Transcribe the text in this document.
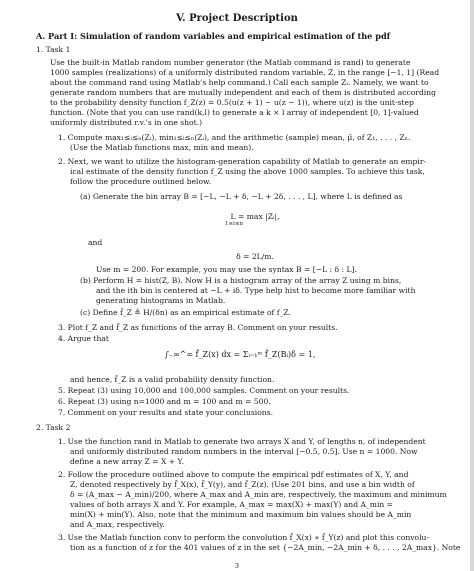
V. Project Description
A. Part I: Simulation of random variables and empirical estimation of the pdf
1. Task 1
Use the built-in Matlab random number generator (the Matlab command is rand) to generate
1000 samples (realizations) of a uniformly distributed random variable, Z, in the range [−1, 1] (Read
about the command rand using Matlab’s help command.) Call each sample Zᵢ. Namely, we want to
generate random numbers that are mutually independent and each of them is distributed according
to the probability density function f_Z(z) = 0.5(u(z + 1) − u(z − 1)), where u(z) is the unit-step
function. (Note that you can use rand(k,l) to generate a k × l array of independent [0, 1]-valued
uniformly distributed r.v.’s in one shot.)
1. Compute max₁≤ᵢ≤ₙ(Zᵢ), min₁≤ᵢ≤ₙ(Zᵢ), and the arithmetic (sample) mean, μ̂, of Z₁, . . . , Zₙ.
(Use the Matlab functions max, min and mean).
2. Next, we want to utilize the histogram-generation capability of Matlab to generate an empir-
ical estimate of the density function f_Z using the above 1000 samples. To achieve this task,
follow the procedure outlined below.
(a) Generate the bin array B = [−L, −L + δ, −L + 2δ, . . . , L], where L is defined as
L = max |Zᵢ|,
1≤i≤n
and
δ = 2L/m.
Use m = 200. For example, you may use the syntax B = [−L : δ : L].
(b) Perform H = hist(Z, B). Now H is a histogram array of the array Z using m bins,
and the ith bin is centered at −L + iδ. Type help hist to become more familiar with
generating histograms in Matlab.
(c) Define f̂_Z ≜ H/(δn) as an empirical estimate of f_Z.
3. Plot f_Z and f̂_Z as functions of the array B. Comment on your results.
4. Argue that
∫₋∞^∞ f̂_Z(x) dx = Σᵢ₌₁ᵐ f̂_Z(Bᵢ)δ = 1,
and hence, f̂_Z is a valid probability density function.
5. Repeat (3) using 10,000 and 100,000 samples. Comment on your results.
6. Repeat (3) using n=1000 and m = 100 and m = 500.
7. Comment on your results and state your conclusions.
2. Task 2
1. Use the function rand in Matlab to generate two arrays X and Y, of lengths n, of independent
and uniformly distributed random numbers in the interval [−0.5, 0.5]. Use n = 1000. Now
define a new array Z = X + Y.
2. Follow the procedure outlined above to compute the empirical pdf estimates of X, Y, and
Z, denoted respectively by f̂_X(x), f̂_Y(y), and f̂_Z(z). (Use 201 bins, and use a bin width of
δ = (A_max − A_min)/200, where A_max and A_min are, respectively, the maximum and minimum
values of both arrays X and Y. For example, A_max = max(X) + max(Y) and A_min =
min(X) + min(Y). Also, note that the minimum and maximum bin values should be A_min
and A_max, respectively.
3. Use the Matlab function conv to perform the convolution f̂_X(x) ∗ f̂_Y(z) and plot this convolu-
tion as a function of z for the 401 values of z in the set {−2A_min, −2A_min + δ, . . . , 2A_max}. Note
3
